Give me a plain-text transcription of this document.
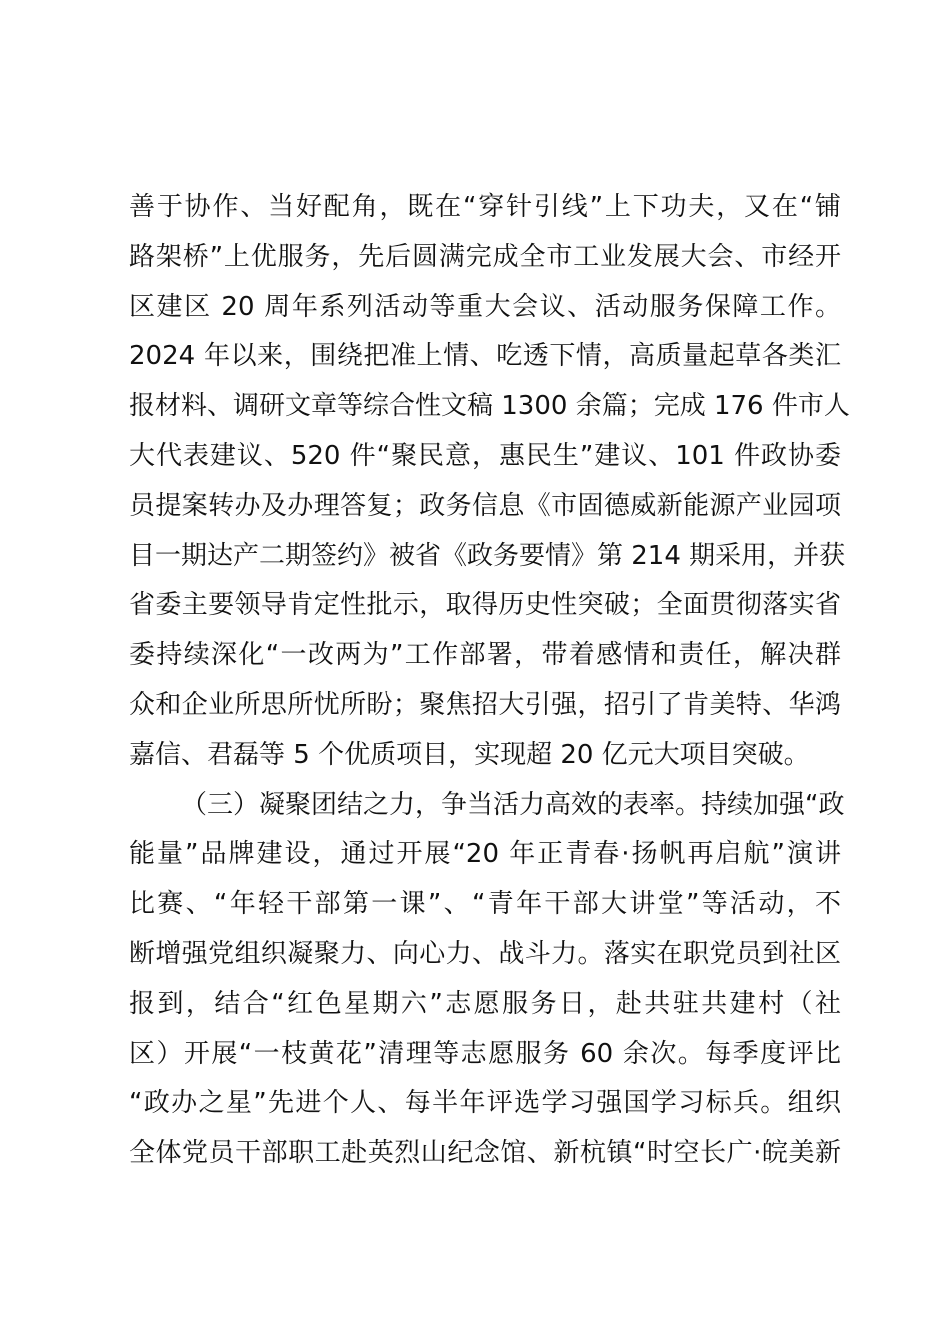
善于协作、当好配角，既在“穿针引线”上下功夫，又在“铺
路架桥”上优服务，先后圆满完成全市工业发展大会、市经开
区建区 20 周年系列活动等重大会议、活动服务保障工作。
2024 年以来，围绕把准上情、吃透下情，高质量起草各类汇
报材料、调研文章等综合性文稿 1300 余篇；完成 176 件市人
大代表建议、520 件“聚民意，惠民生”建议、101 件政协委
员提案转办及办理答复；政务信息《市固德威新能源产业园项
目一期达产二期签约》被省《政务要情》第 214 期采用，并获
省委主要领导肯定性批示，取得历史性突破；全面贯彻落实省
委持续深化“一改两为”工作部署，带着感情和责任，解决群
众和企业所思所忧所盼；聚焦招大引强，招引了肯美特、华鸿
嘉信、君磊等 5 个优质项目，实现超 20 亿元大项目突破。
（三）凝聚团结之力，争当活力高效的表率。持续加强“政
能量”品牌建设，通过开展“20 年正青春·扬帆再启航”演讲
比赛、“年轻干部第一课”、“青年干部大讲堂”等活动，不
断增强党组织凝聚力、向心力、战斗力。落实在职党员到社区
报到，结合“红色星期六”志愿服务日，赴共驻共建村（社
区）开展“一枝黄花”清理等志愿服务 60 余次。每季度评比
“政办之星”先进个人、每半年评选学习强国学习标兵。组织
全体党员干部职工赴英烈山纪念馆、新杭镇“时空长广·皖美新
